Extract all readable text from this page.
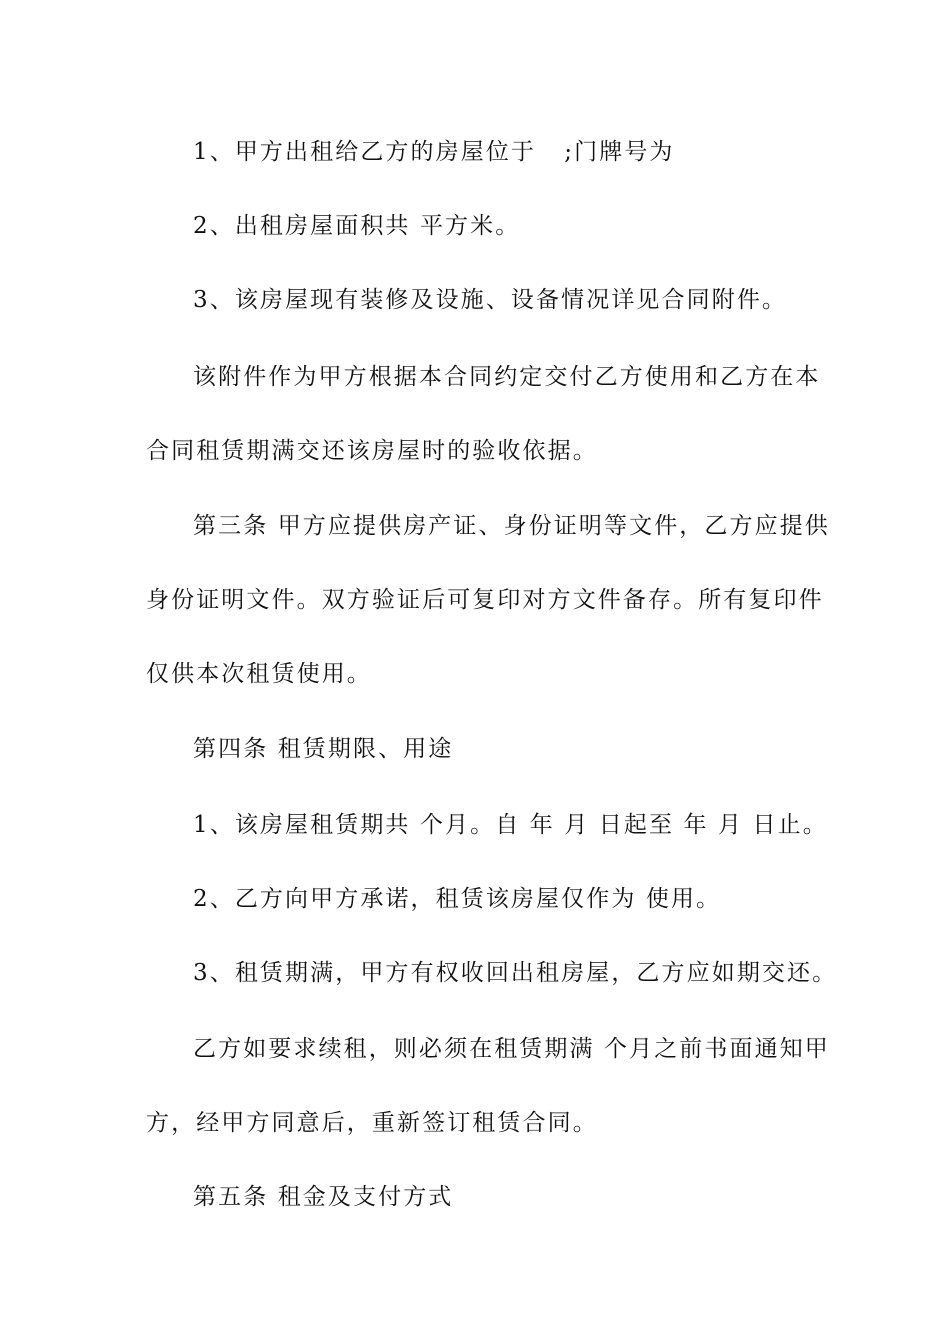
1、甲方出租给乙方的房屋位于   ;门牌号为
2、出租房屋面积共 平方米。
3、该房屋现有装修及设施、设备情况详见合同附件。
该附件作为甲方根据本合同约定交付乙方使用和乙方在本
合同租赁期满交还该房屋时的验收依据。
第三条 甲方应提供房产证、身份证明等文件，乙方应提供
身份证明文件。双方验证后可复印对方文件备存。所有复印件
仅供本次租赁使用。
第四条 租赁期限、用途
1、该房屋租赁期共 个月。自 年 月 日起至 年 月 日止。
2、乙方向甲方承诺，租赁该房屋仅作为 使用。
3、租赁期满，甲方有权收回出租房屋，乙方应如期交还。
乙方如要求续租，则必须在租赁期满 个月之前书面通知甲
方，经甲方同意后，重新签订租赁合同。
第五条 租金及支付方式
